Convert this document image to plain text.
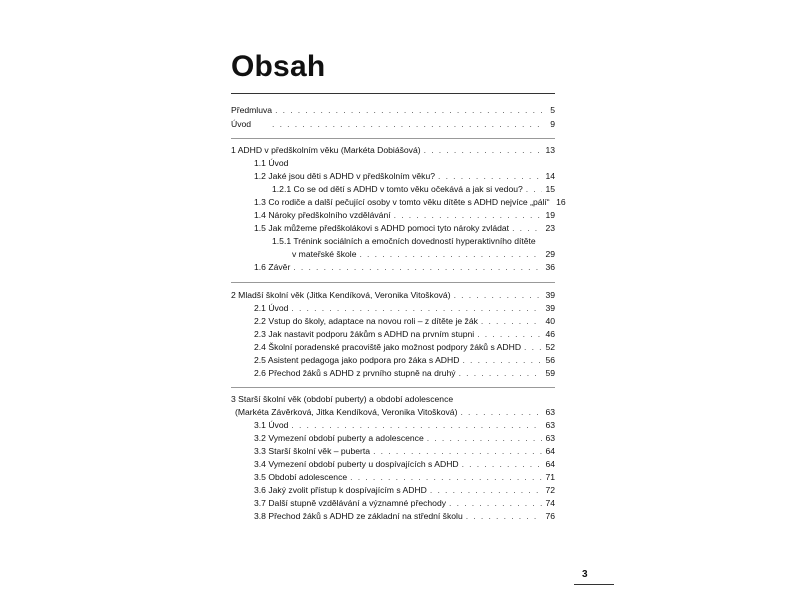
Obsah
Předmluva . . .	5
Úvod . . .	9
1 ADHD v předškolním věku (Markéta Dobiášová) . . .	13
1.1 Úvod
1.2 Jaké jsou děti s ADHD v předškolním věku? . . .	14
1.2.1 Co se od dětí s ADHD v tomto věku očekává a jak si vedou? . . .	15
1.3 Co rodiče a další pečující osoby v tomto věku dítěte s ADHD nejvíce „pálí“ 16
1.4 Nároky předškolního vzdělávání . . .	19
1.5 Jak můžeme předškolákovi s ADHD pomoci tyto nároky zvládat . . .	23
1.5.1 Trénink sociálních a emočních dovedností hyperaktivního dítěte
v mateřské škole . . .	29
1.6 Závěr . . .	36
2 Mladší školní věk (Jitka Kendíková, Veronika Vitošková) . . .	39
2.1 Úvod . . .	39
2.2 Vstup do školy, adaptace na novou roli – z dítěte je žák . . .	40
2.3 Jak nastavit podporu žákům s ADHD na prvním stupni . . .	46
2.4 Školní poradenské pracoviště jako možnost podpory žáků s ADHD . . .	52
2.5 Asistent pedagoga jako podpora pro žáka s ADHD . . .	56
2.6 Přechod žáků s ADHD z prvního stupně na druhý . . .	59
3 Starší školní věk (období puberty) a období adolescence
(Markéta Závěrková, Jitka Kendíková, Veronika Vitošková) . . .	63
3.1 Úvod . . .	63
3.2 Vymezení období puberty a adolescence . . .	63
3.3 Starší školní věk – puberta . . .	64
3.4 Vymezení období puberty u dospívajících s ADHD . . .	64
3.5 Období adolescence . . .	71
3.6 Jaký zvolit přístup k dospívajícím s ADHD . . .	72
3.7 Další stupně vzdělávání a významné přechody . . .	74
3.8 Přechod žáků s ADHD ze základní na střední školu . . .	76
3
